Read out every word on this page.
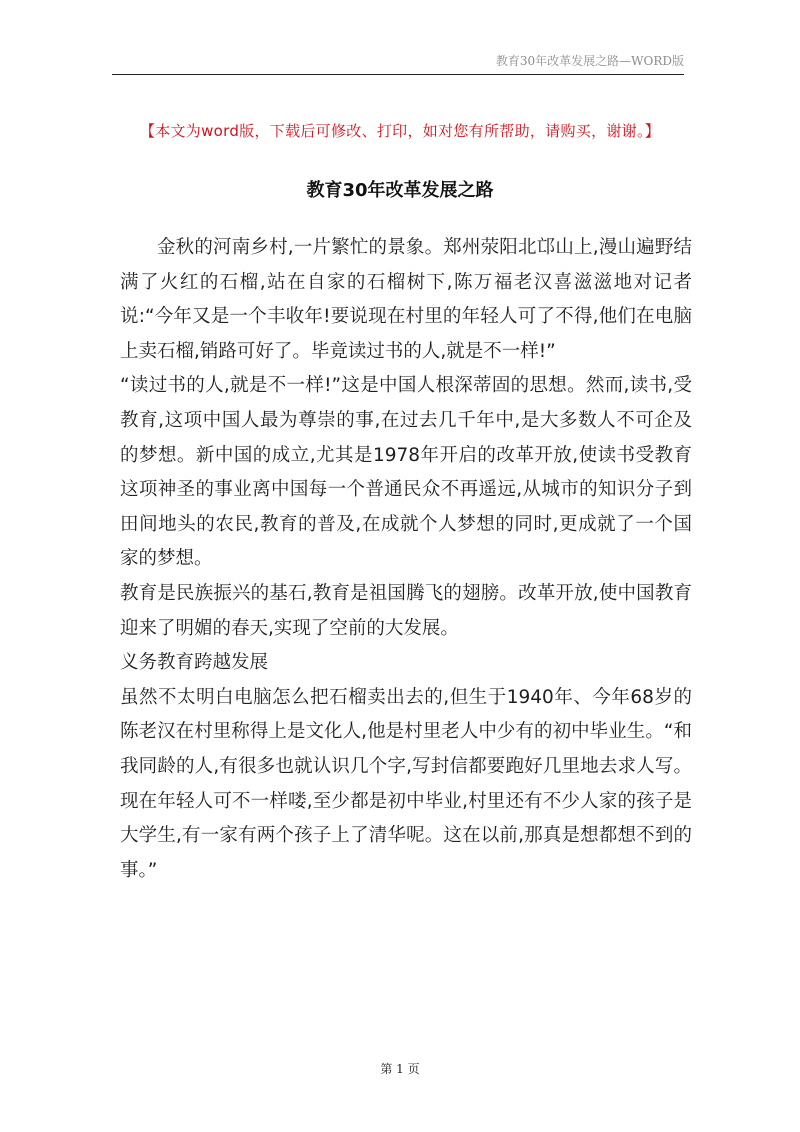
教育30年改革发展之路—WORD版
【本文为word版，下载后可修改、打印，如对您有所帮助，请购买，谢谢。】
教育30年改革发展之路

金秋的河南乡村,一片繁忙的景象。郑州荥阳北邙山上,漫山遍野结满了火红的石榴,站在自家的石榴树下,陈万福老汉喜滋滋地对记者说:“今年又是一个丰收年!要说现在村里的年轻人可了不得,他们在电脑上卖石榴,销路可好了。毕竟读过书的人,就是不一样!”

“读过书的人,就是不一样!”这是中国人根深蒂固的思想。然而,读书,受教育,这项中国人最为尊崇的事,在过去几千年中,是大多数人不可企及的梦想。新中国的成立,尤其是1978年开启的改革开放,使读书受教育这项神圣的事业离中国每一个普通民众不再遥远,从城市的知识分子到田间地头的农民,教育的普及,在成就个人梦想的同时,更成就了一个国家的梦想。

教育是民族振兴的基石,教育是祖国腾飞的翅膀。改革开放,使中国教育迎来了明媚的春天,实现了空前的大发展。

义务教育跨越发展

虽然不太明白电脑怎么把石榴卖出去的,但生于1940年、今年68岁的陈老汉在村里称得上是文化人,他是村里老人中少有的初中毕业生。“和我同龄的人,有很多也就认识几个字,写封信都要跑好几里地去求人写。现在年轻人可不一样喽,至少都是初中毕业,村里还有不少人家的孩子是大学生,有一家有两个孩子上了清华呢。这在以前,那真是想都想不到的事。”

第 1 页
